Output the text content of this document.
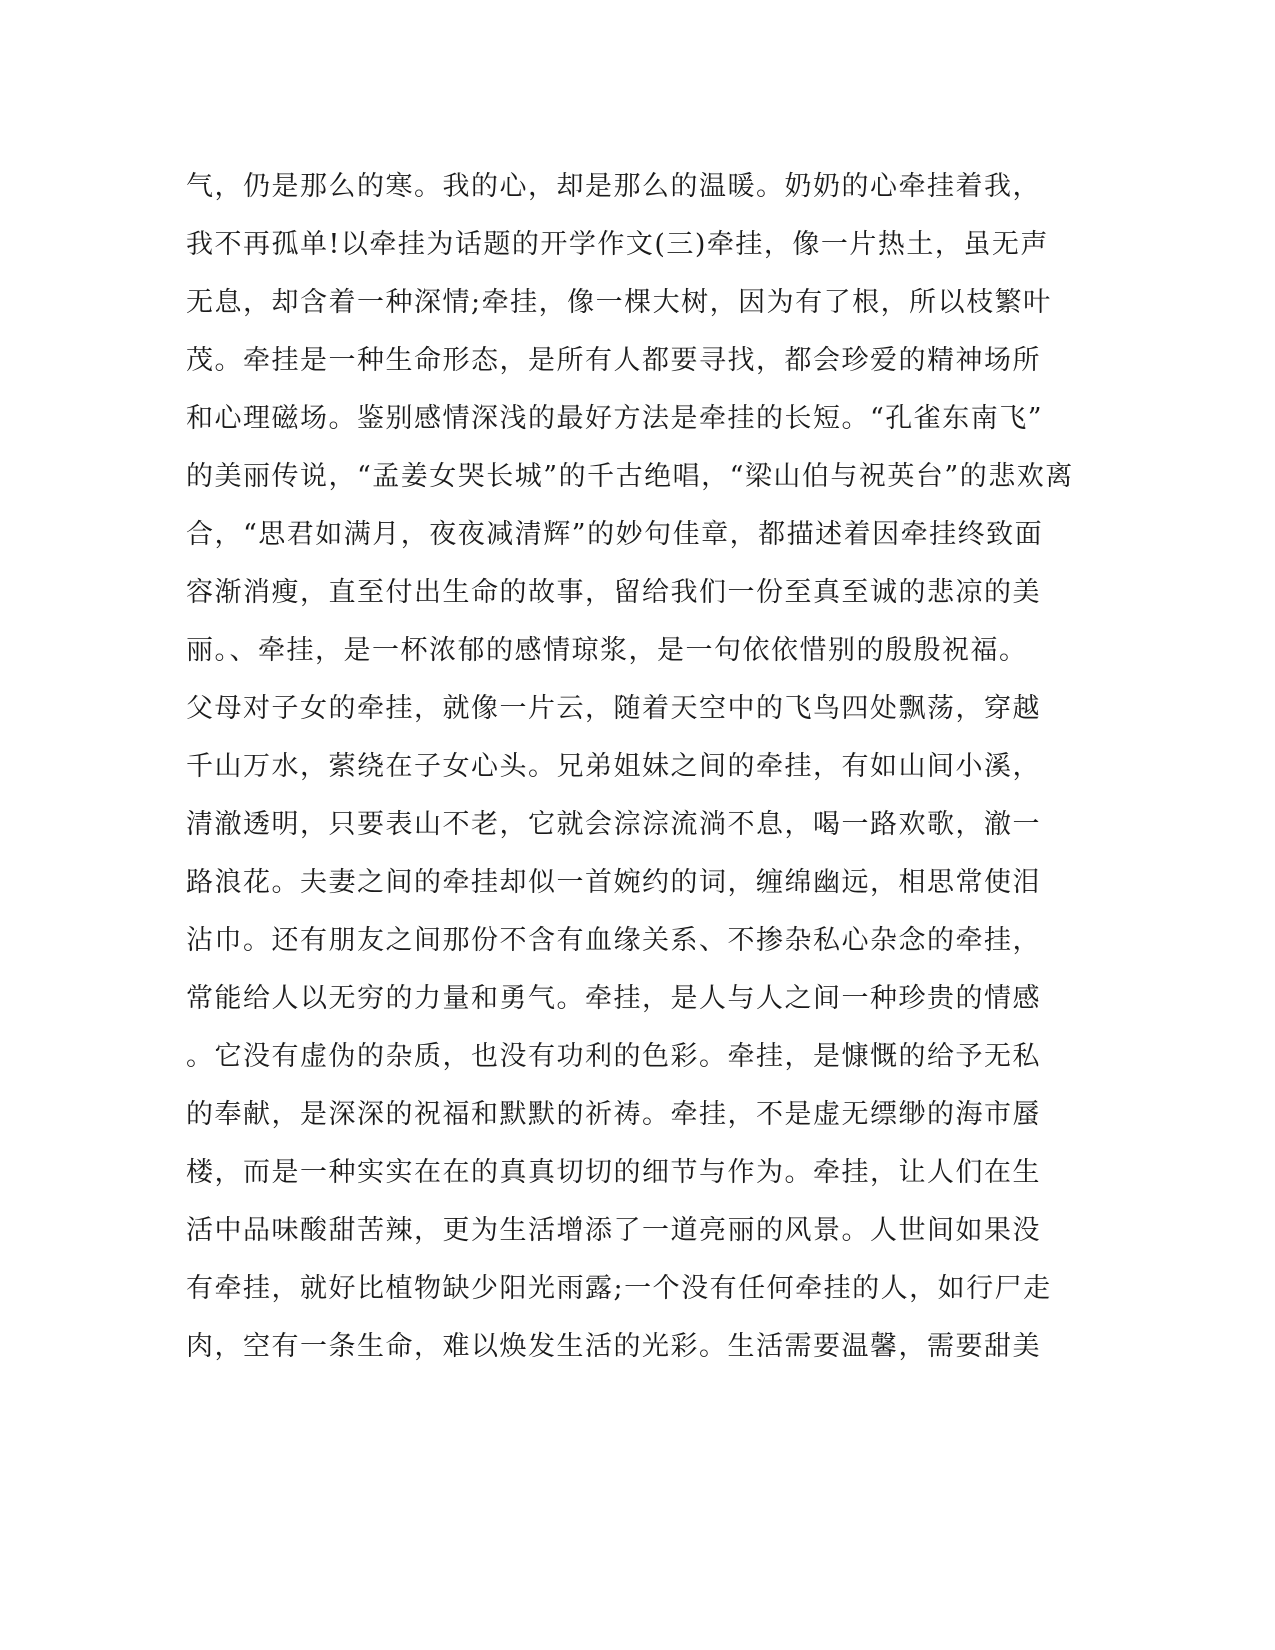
气，仍是那么的寒。我的心，却是那么的温暖。奶奶的心牵挂着我，
我不再孤单!以牵挂为话题的开学作文(三)牵挂，像一片热土，虽无声
无息，却含着一种深情;牵挂，像一棵大树，因为有了根，所以枝繁叶
茂。牵挂是一种生命形态，是所有人都要寻找，都会珍爱的精神场所
和心理磁场。鉴别感情深浅的最好方法是牵挂的长短。“孔雀东南飞”
的美丽传说，“孟姜女哭长城”的千古绝唱，“梁山伯与祝英台”的悲欢离
合，“思君如满月，夜夜减清辉”的妙句佳章，都描述着因牵挂终致面
容渐消瘦，直至付出生命的故事，留给我们一份至真至诚的悲凉的美
丽。、牵挂，是一杯浓郁的感情琼浆，是一句依依惜别的殷殷祝福。
父母对子女的牵挂，就像一片云，随着天空中的飞鸟四处飘荡，穿越
千山万水，萦绕在子女心头。兄弟姐妹之间的牵挂，有如山间小溪，
清澈透明，只要表山不老，它就会淙淙流淌不息，喝一路欢歌，澈一
路浪花。夫妻之间的牵挂却似一首婉约的词，缠绵幽远，相思常使泪
沾巾。还有朋友之间那份不含有血缘关系、不掺杂私心杂念的牵挂，
常能给人以无穷的力量和勇气。牵挂，是人与人之间一种珍贵的情感
。它没有虚伪的杂质，也没有功利的色彩。牵挂，是慷慨的给予无私
的奉献，是深深的祝福和默默的祈祷。牵挂，不是虚无缥缈的海市蜃
楼，而是一种实实在在的真真切切的细节与作为。牵挂，让人们在生
活中品味酸甜苦辣，更为生活增添了一道亮丽的风景。人世间如果没
有牵挂，就好比植物缺少阳光雨露;一个没有任何牵挂的人，如行尸走
肉，空有一条生命，难以焕发生活的光彩。生活需要温馨，需要甜美
